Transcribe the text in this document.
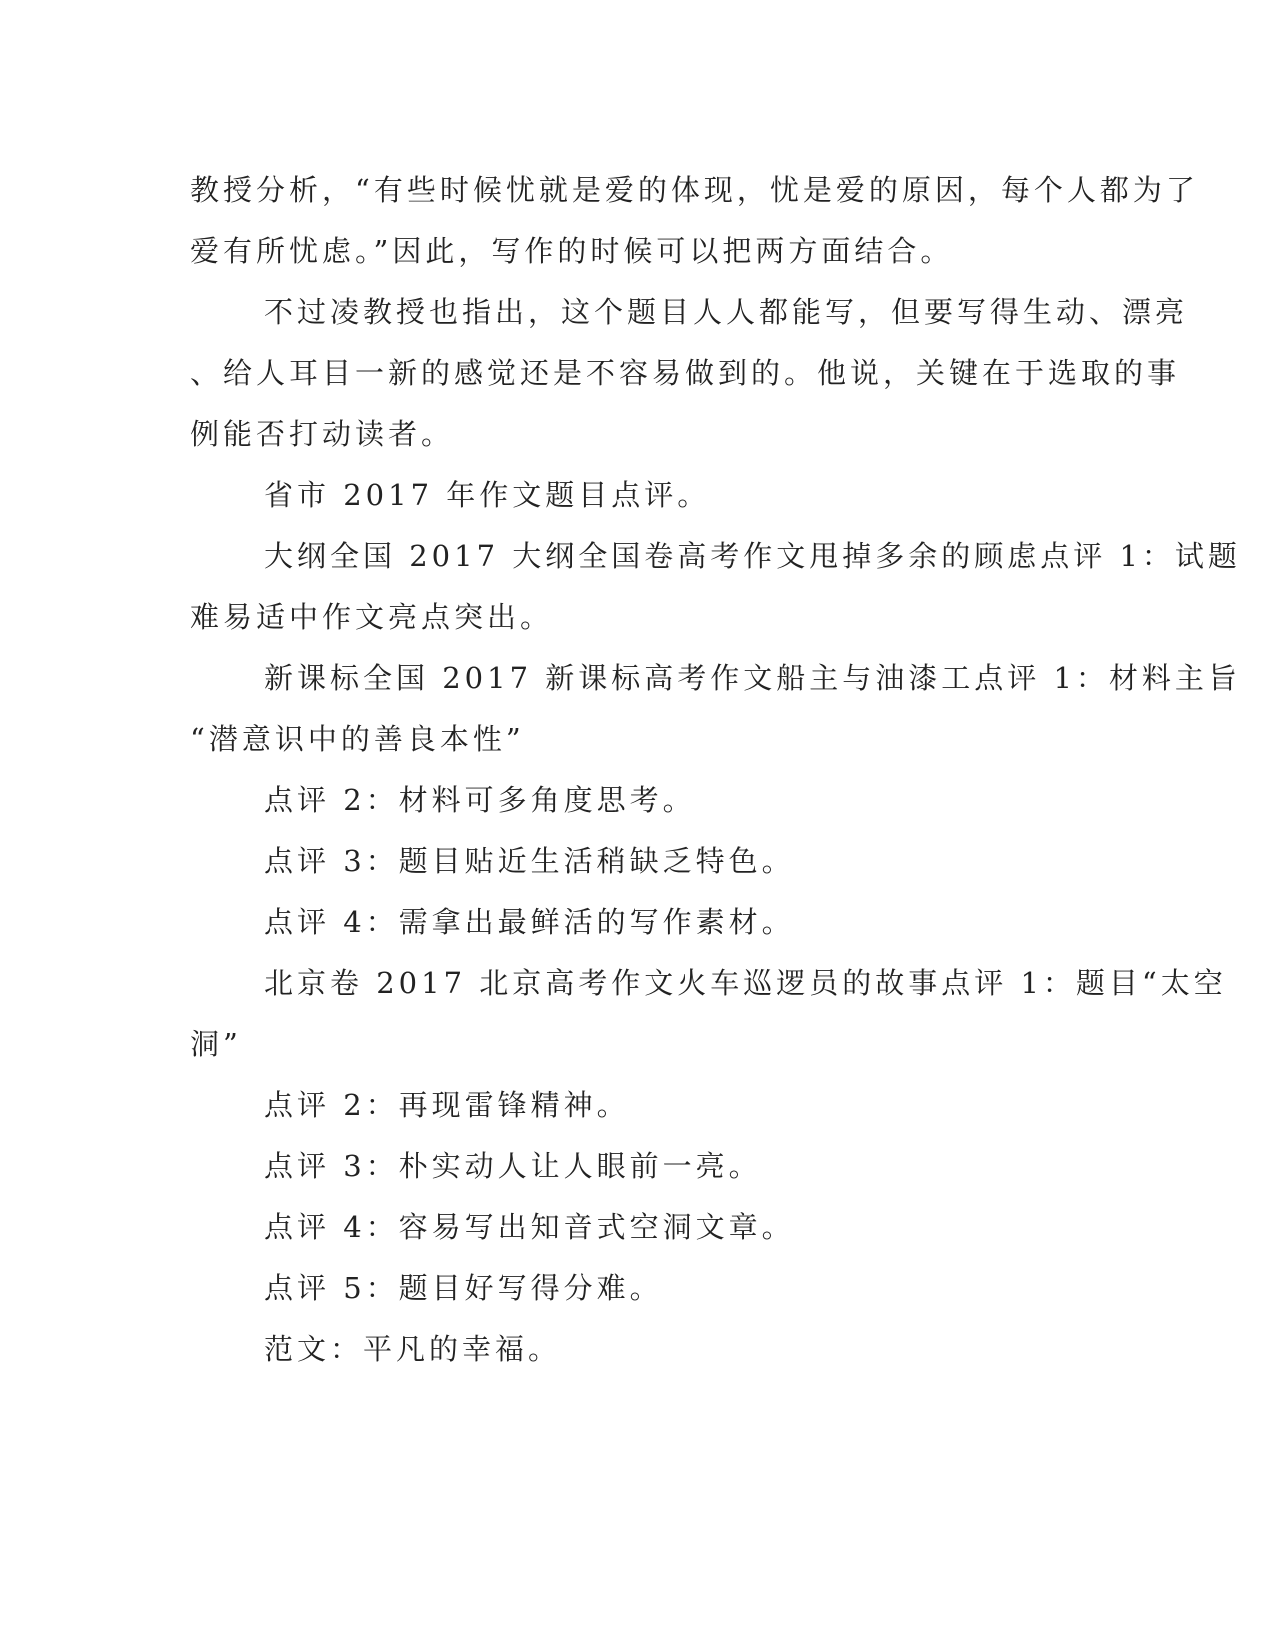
教授分析，“有些时候忧就是爱的体现，忧是爱的原因，每个人都为了
爱有所忧虑。”因此，写作的时候可以把两方面结合。
不过凌教授也指出，这个题目人人都能写，但要写得生动、漂亮
、给人耳目一新的感觉还是不容易做到的。他说，关键在于选取的事
例能否打动读者。
省市 2017 年作文题目点评。
大纲全国 2017 大纲全国卷高考作文甩掉多余的顾虑点评 1：试题
难易适中作文亮点突出。
新课标全国 2017 新课标高考作文船主与油漆工点评 1：材料主旨
“潜意识中的善良本性”
点评 2：材料可多角度思考。
点评 3：题目贴近生活稍缺乏特色。
点评 4：需拿出最鲜活的写作素材。
北京卷 2017 北京高考作文火车巡逻员的故事点评 1：题目“太空
洞”
点评 2：再现雷锋精神。
点评 3：朴实动人让人眼前一亮。
点评 4：容易写出知音式空洞文章。
点评 5：题目好写得分难。
范文：平凡的幸福。
